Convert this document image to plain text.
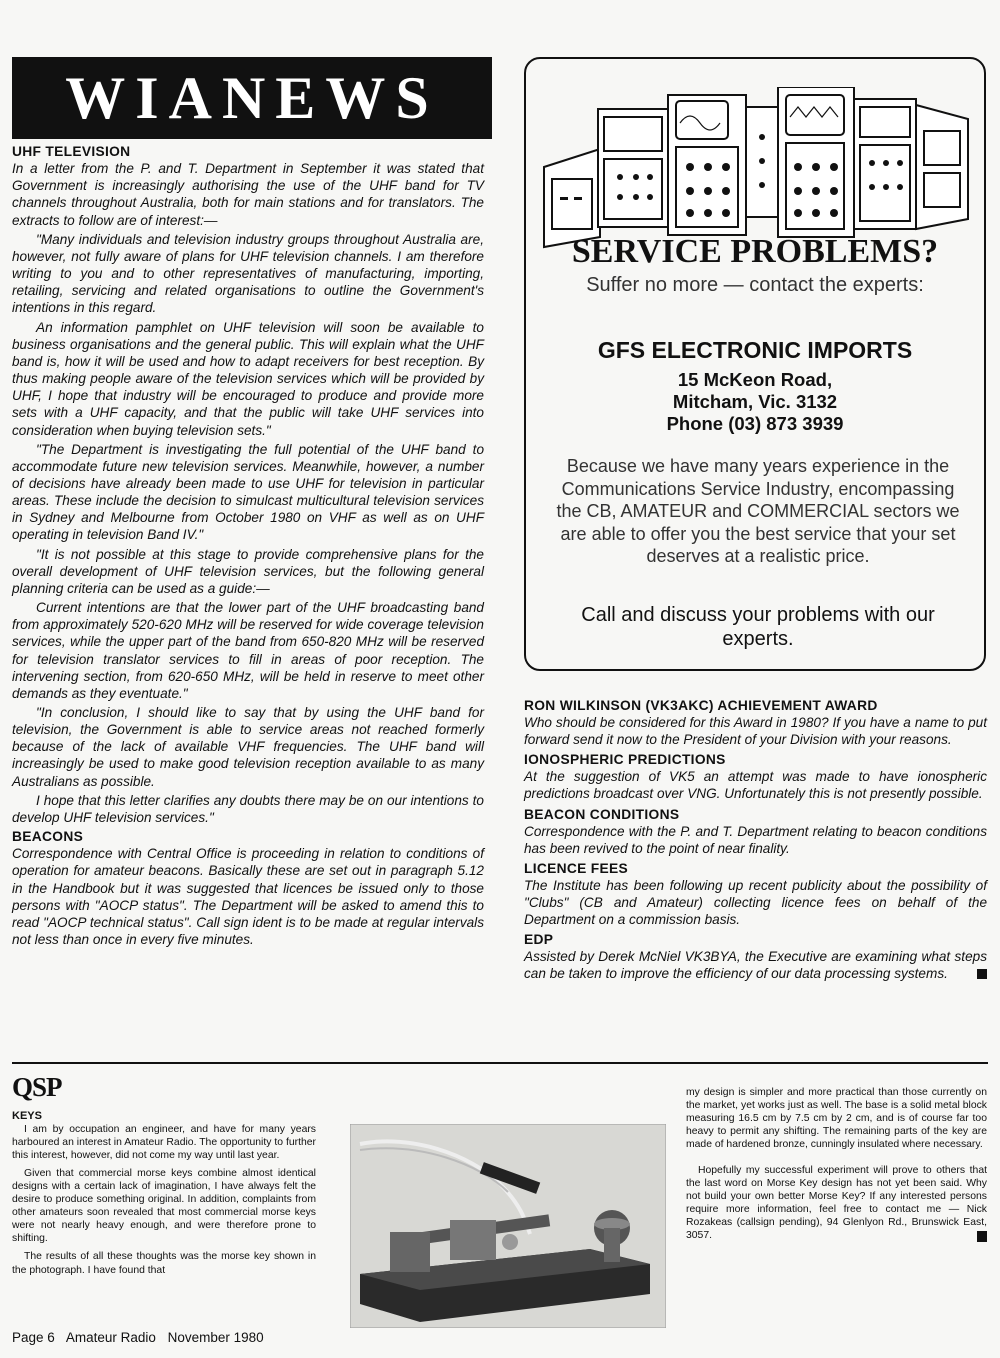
WIANEWS

UHF TELEVISION

In a letter from the P. and T. Department in September it was stated that Government is increasingly authorising the use of the UHF band for TV channels throughout Australia, both for main stations and for translators. The extracts to follow are of interest:—

"Many individuals and television industry groups throughout Australia are, however, not fully aware of plans for UHF television channels. I am therefore writing to you and to other representatives of manufacturing, importing, retailing, servicing and related organisations to outline the Government's intentions in this regard.

An information pamphlet on UHF television will soon be available to business organisations and the general public. This will explain what the UHF band is, how it will be used and how to adapt receivers for best reception. By thus making people aware of the television services which will be provided by UHF, I hope that industry will be encouraged to produce and provide more sets with a UHF capacity, and that the public will take UHF services into consideration when buying television sets."

"The Department is investigating the full potential of the UHF band to accommodate future new television services. Meanwhile, however, a number of decisions have already been made to use UHF for television in particular areas. These include the decision to simulcast multicultural television services in Sydney and Melbourne from October 1980 on VHF as well as on UHF operating in television Band IV."

"It is not possible at this stage to provide comprehensive plans for the overall development of UHF television services, but the following general planning criteria can be used as a guide:—

Current intentions are that the lower part of the UHF broadcasting band from approximately 520-620 MHz will be reserved for wide coverage television services, while the upper part of the band from 650-820 MHz will be reserved for television translator services to fill in areas of poor reception. The intervening section, from 620-650 MHz, will be held in reserve to meet other demands as they eventuate."

"In conclusion, I should like to say that by using the UHF band for television, the Government is able to service areas not reached formerly because of the lack of available VHF frequencies. The UHF band will increasingly be used to make good television reception available to as many Australians as possible.

I hope that this letter clarifies any doubts there may be on our intentions to develop UHF television services."

BEACONS

Correspondence with Central Office is proceeding in relation to conditions of operation for amateur beacons. Basically these are set out in paragraph 5.12 in the Handbook but it was suggested that licences be issued only to those persons with "AOCP status". The Department will be asked to amend this to read "AOCP technical status". Call sign ident is to be made at regular intervals not less than once in every five minutes.

SERVICE PROBLEMS?
Suffer no more — contact the experts:
GFS ELECTRONIC IMPORTS
15 McKeon Road,
Mitcham, Vic. 3132
Phone (03) 873 3939
Because we have many years experience in the Communications Service Industry, encompassing the CB, AMATEUR and COMMERCIAL sectors we are able to offer you the best service that your set deserves at a realistic price.
Call and discuss your problems with our experts.

RON WILKINSON (VK3AKC) ACHIEVEMENT AWARD

Who should be considered for this Award in 1980? If you have a name to put forward send it now to the President of your Division with your reasons.

IONOSPHERIC PREDICTIONS

At the suggestion of VK5 an attempt was made to have ionospheric predictions broadcast over VNG. Unfortunately this is not presently possible.

BEACON CONDITIONS

Correspondence with the P. and T. Department relating to beacon conditions has been revived to the point of near finality.

LICENCE FEES

The Institute has been following up recent publicity about the possibility of "Clubs" (CB and Amateur) collecting licence fees on behalf of the Department on a commission basis.

EDP

Assisted by Derek McNiel VK3BYA, the Executive are examining what steps can be taken to improve the efficiency of our data processing systems.

QSP

KEYS

I am by occupation an engineer, and have for many years harboured an interest in Amateur Radio. The opportunity to further this interest, however, did not come my way until last year.

Given that commercial morse keys combine almost identical designs with a certain lack of imagination, I have always felt the desire to produce something original. In addition, complaints from other amateurs soon revealed that most commercial morse keys were not nearly heavy enough, and were therefore prone to shifting.

The results of all these thoughts was the morse key shown in the photograph. I have found that

my design is simpler and more practical than those currently on the market, yet works just as well. The base is a solid metal block measuring 16.5 cm by 7.5 cm by 2 cm, and is of course far too heavy to permit any shifting. The remaining parts of the key are made of hardened bronze, cunningly insulated where necessary.

Hopefully my successful experiment will prove to others that the last word on Morse Key design has not yet been said. Why not build your own better Morse Key? If any interested persons require more information, feel free to contact me — Nick Rozakeas (callsign pending), 94 Glenlyon Rd., Brunswick East, 3057.

Page 6 Amateur Radio November 1980
